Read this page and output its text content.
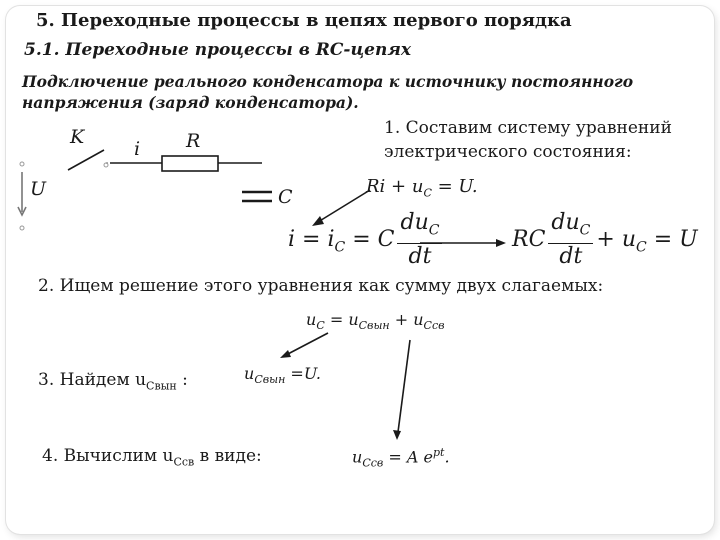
5. Переходные процессы в цепях первого порядка
5.1. Переходные процессы в RC-цепях
Подключение реального конденсатора к источнику постоянного напряжения (заряд конденсатора).
K
i R
C
U
1. Составим систему уравнений
электрического состояния:
$Ri + u_C = U$.
$i = i_C = C \frac{du_C}{dt}$	RC $\frac{du_C}{dt} + u_C = U$
2. Ищем решение этого уравнения как сумму двух слагаемых:
$u_C = u_{Cвын} + u_{Cсв}$
3. Найдем $u_{Cвын}$ :	$u_{Cвын} =U$.
4. Вычислим $u_{Cсв}$ в виде:	$u_{Cсв} = A$ $e^{pt}$.
